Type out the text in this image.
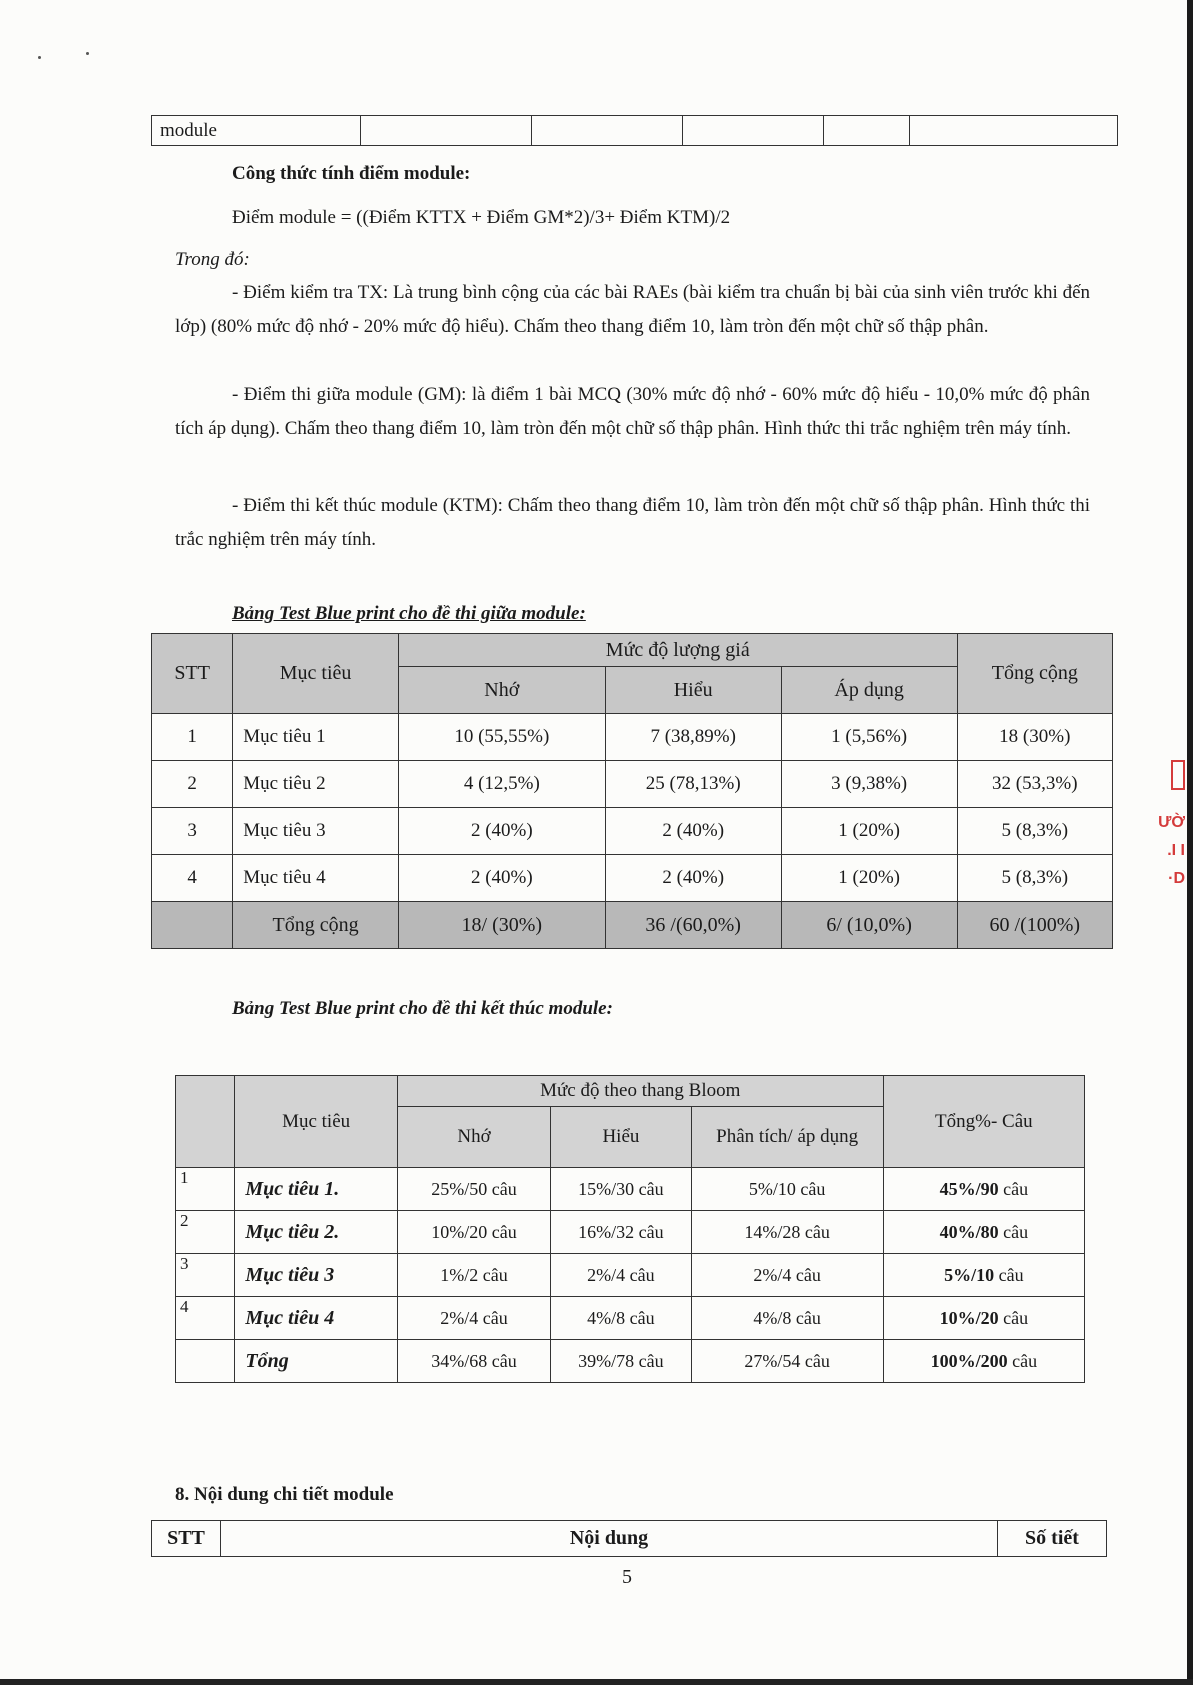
module					
Công thức tính điểm module:
Điểm module = ((Điểm KTTX + Điểm GM*2)/3+ Điểm KTM)/2
Trong đó:
- Điểm kiểm tra TX: Là trung bình cộng của các bài RAEs (bài kiểm tra chuẩn bị bài của sinh viên trước khi đến lớp) (80% mức độ nhớ - 20% mức độ hiểu). Chấm theo thang điểm 10, làm tròn đến một chữ số thập phân.
- Điểm thi giữa module (GM): là điểm 1 bài MCQ (30% mức độ nhớ - 60% mức độ hiểu - 10,0% mức độ phân tích áp dụng). Chấm theo thang điểm 10, làm tròn đến một chữ số thập phân. Hình thức thi trắc nghiệm trên máy tính.
- Điểm thi kết thúc module (KTM): Chấm theo thang điểm 10, làm tròn đến một chữ số thập phân. Hình thức thi trắc nghiệm trên máy tính.
Bảng Test Blue print cho đề thi giữa module:
STT	Mục tiêu	Mức độ lượng giá			Tổng cộng
		Nhớ	Hiểu	Áp dụng	
1	Mục tiêu 1	10 (55,55%)	7 (38,89%)	1 (5,56%)	18 (30%)
2	Mục tiêu 2	4 (12,5%)	25 (78,13%)	3 (9,38%)	32 (53,3%)
3	Mục tiêu 3	2 (40%)	2 (40%)	1 (20%)	5 (8,3%)
4	Mục tiêu 4	2 (40%)	2 (40%)	1 (20%)	5 (8,3%)
	Tổng cộng	18/ (30%)	36 /(60,0%)	6/ (10,0%)	60 /(100%)
Bảng Test Blue print cho đề thi kết thúc module:
	Mục tiêu	Mức độ theo thang Bloom			Tổng%- Câu
		Nhớ	Hiểu	Phân tích/ áp dụng	
1	Mục tiêu 1.	25%/50 câu	15%/30 câu	5%/10 câu	45%/90 câu
2	Mục tiêu 2.	10%/20 câu	16%/32 câu	14%/28 câu	40%/80 câu
3	Mục tiêu 3	1%/2 câu	2%/4 câu	2%/4 câu	5%/10 câu
4	Mục tiêu 4	2%/4 câu	4%/8 câu	4%/8 câu	10%/20 câu
	Tổng	34%/68 câu	39%/78 câu	27%/54 câu	100%/200 câu
8. Nội dung chi tiết module
STT	Nội dung	Số tiết
5
ƯỜ
.I I
·D
